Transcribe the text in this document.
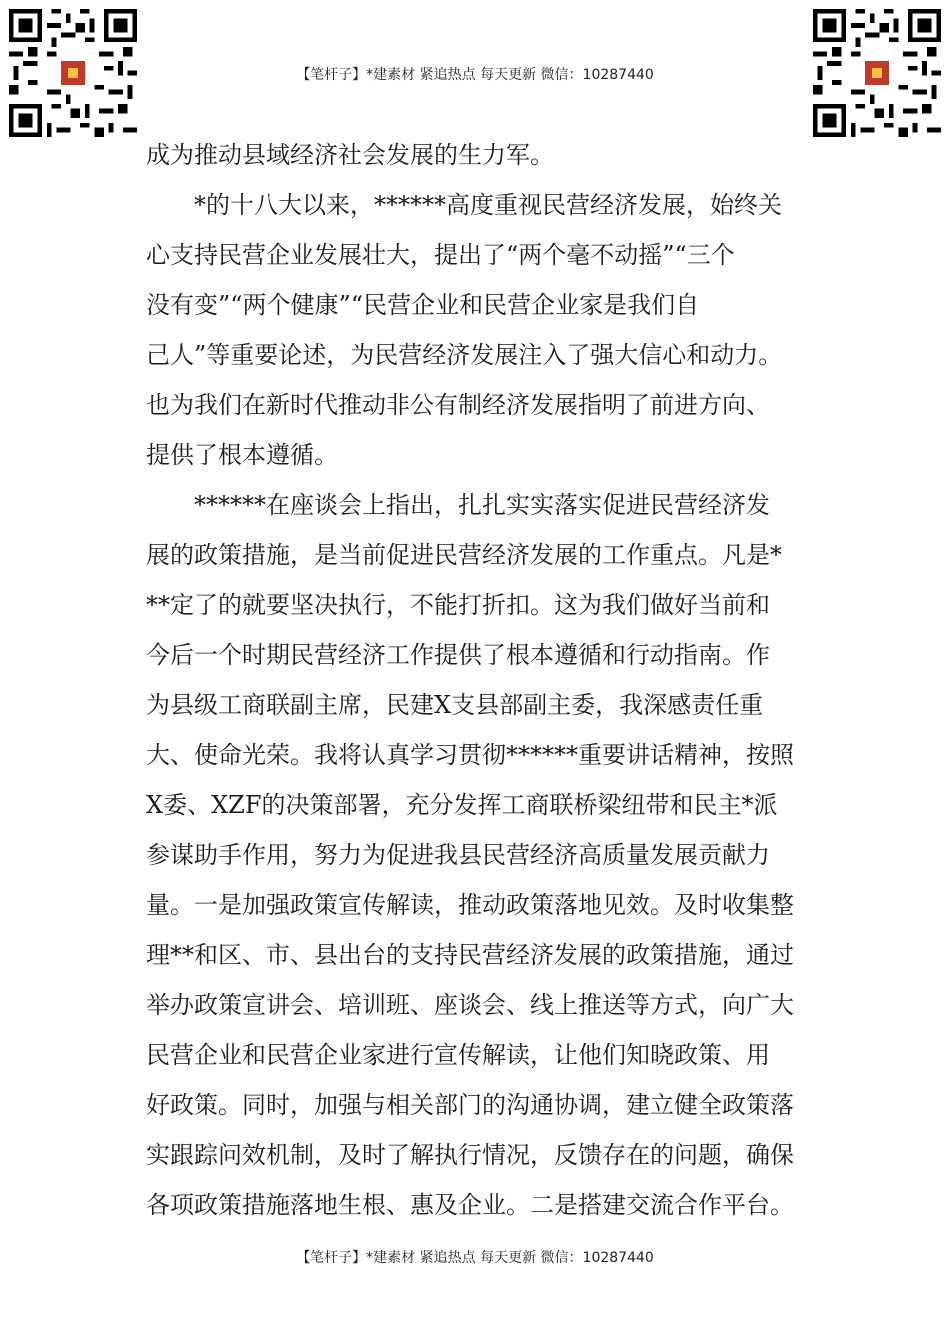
【笔杆子】*建素材 紧追热点 每天更新 微信：10287440
成为推动县域经济社会发展的生力军。
　　*的十八大以来，******高度重视民营经济发展，始终关
心支持民营企业发展壮大，提出了“两个毫不动摇”“三个
没有变”“两个健康”“民营企业和民营企业家是我们自
己人”等重要论述，为民营经济发展注入了强大信心和动力。
也为我们在新时代推动非公有制经济发展指明了前进方向、
提供了根本遵循。
　　******在座谈会上指出，扎扎实实落实促进民营经济发
展的政策措施，是当前促进民营经济发展的工作重点。凡是*
**定了的就要坚决执行，不能打折扣。这为我们做好当前和
今后一个时期民营经济工作提供了根本遵循和行动指南。作
为县级工商联副主席，民建X支县部副主委，我深感责任重
大、使命光荣。我将认真学习贯彻******重要讲话精神，按照
X委、XZF的决策部署，充分发挥工商联桥梁纽带和民主*派
参谋助手作用，努力为促进我县民营经济高质量发展贡献力
量。一是加强政策宣传解读，推动政策落地见效。及时收集整
理**和区、市、县出台的支持民营经济发展的政策措施，通过
举办政策宣讲会、培训班、座谈会、线上推送等方式，向广大
民营企业和民营企业家进行宣传解读，让他们知晓政策、用
好政策。同时，加强与相关部门的沟通协调，建立健全政策落
实跟踪问效机制，及时了解执行情况，反馈存在的问题，确保
各项政策措施落地生根、惠及企业。二是搭建交流合作平台。
【笔杆子】*建素材 紧追热点 每天更新 微信：10287440
